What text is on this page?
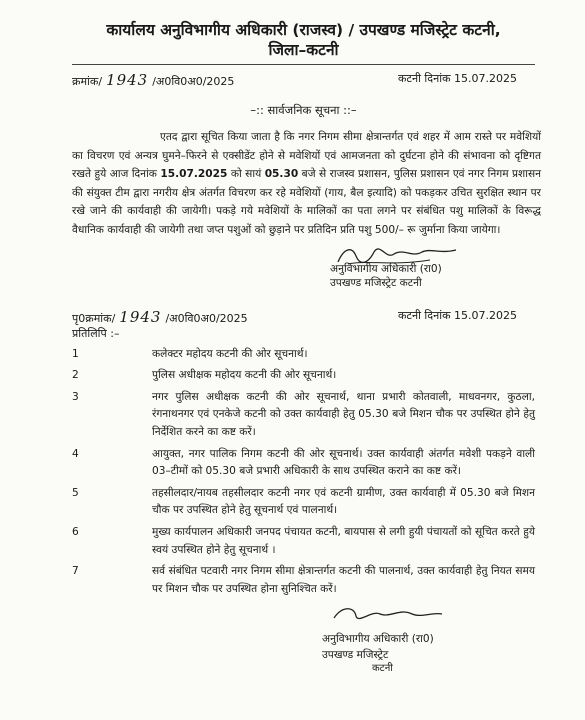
कार्यालय अनुविभागीय अधिकारी (राजस्व) / उपखण्ड मजिस्ट्रेट कटनी,
जिला–कटनी
क्रमांक/ 1943 /अ0वि0अ0/2025	कटनी दिनांक 15.07.2025
–:: सार्वजनिक सूचना ::–
एतद द्वारा सूचित किया जाता है कि नगर निगम सीमा क्षेत्रान्तर्गत एवं शहर में आम रास्ते पर मवेशियों का विचरण एवं अन्यत्र घुमने–फिरने से एक्सीडेंट होने से मवेशियों एवं आमजनता को दुर्घटना होने की संभावना को दृष्टिगत रखते हुये आज दिनांक 15.07.2025 को सायं 05.30 बजे से राजस्व प्रशासन, पुलिस प्रशासन एवं नगर निगम प्रशासन की संयुक्त टीम द्वारा नगरीय क्षेत्र अंतर्गत विचरण कर रहे मवेशियों (गाय, बैल इत्यादि) को पकड़कर उचित सुरक्षित स्थान पर रखे जाने की कार्यवाही की जायेगी। पकड़े गये मवेशियों के मालिकों का पता लगने पर संबंधित पशु मालिकों के विरूद्ध वैधानिक कार्यवाही की जायेगी तथा जप्त पशुओं को छुड़ाने पर प्रतिदिन प्रति पशु 500/– रू जुर्माना किया जायेगा।
अनुविभागीय अधिकारी (रा0)
उपखण्ड मजिस्ट्रेट कटनी
पृ0क्रमांक/ 1943 /अ0वि0अ0/2025	कटनी दिनांक 15.07.2025
प्रतिलिपि :–
1	कलेक्टर महोदय कटनी की ओर सूचनार्थ।
2	पुलिस अधीक्षक महोदय कटनी की ओर सूचनार्थ।
3	नगर पुलिस अधीक्षक कटनी की ओर सूचनार्थ, थाना प्रभारी कोतवाली, माधवनगर, कुठला, रंगनाथनगर एवं एनकेजे कटनी को उक्त कार्यवाही हेतु 05.30 बजे मिशन चौक पर उपस्थित होने हेतु निर्देशित करने का कष्ट करें।
4	आयुक्त, नगर पालिक निगम कटनी की ओर सूचनार्थ। उक्त कार्यवाही अंतर्गत मवेशी पकड़ने वाली 03–टीमों को 05.30 बजे प्रभारी अधिकारी के साथ उपस्थित कराने का कष्ट करें।
5	तहसीलदार/नायब तहसीलदार कटनी नगर एवं कटनी ग्रामीण, उक्त कार्यवाही में 05.30 बजे मिशन चौक पर उपस्थित होने हेतु सूचनार्थ एवं पालनार्थ।
6	मुख्य कार्यपालन अधिकारी जनपद पंचायत कटनी, बायपास से लगी हुयी पंचायतों को सूचित करते हुये स्वयं उपस्थित होने हेतु सूचनार्थ ।
7	सर्व संबंधित पटवारी नगर निगम सीमा क्षेत्रान्तर्गत कटनी की पालनार्थ, उक्त कार्यवाही हेतु नियत समय पर मिशन चौक पर उपस्थित होना सुनिश्चित करें।
अनुविभागीय अधिकारी (रा0)
उपखण्ड मजिस्ट्रेट
कटनी
